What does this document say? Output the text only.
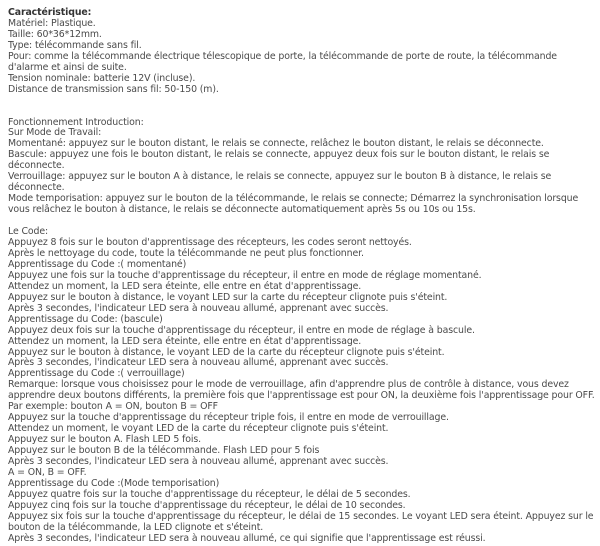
Caractéristique:
Matériel: Plastique.
Taille: 60*36*12mm.
Type: télécommande sans fil.
Pour: comme la télécommande électrique télescopique de porte, la télécommande de porte de route, la télécommande d'alarme et ainsi de suite.
Tension nominale: batterie 12V (incluse).
Distance de transmission sans fil: 50-150 (m).
Fonctionnement Introduction:
Sur Mode de Travail:
Momentané: appuyez sur le bouton distant, le relais se connecte, relâchez le bouton distant, le relais se déconnecte.
Bascule: appuyez une fois le bouton distant, le relais se connecte, appuyez deux fois sur le bouton distant, le relais se déconnecte.
Verrouillage: appuyez sur le bouton A à distance, le relais se connecte, appuyez sur le bouton B à distance, le relais se déconnecte.
Mode temporisation: appuyez sur le bouton de la télécommande, le relais se connecte; Démarrez la synchronisation lorsque vous relâchez le bouton à distance, le relais se déconnecte automatiquement après 5s ou 10s ou 15s.
Le Code:
Appuyez 8 fois sur le bouton d'apprentissage des récepteurs, les codes seront nettoyés.
Après le nettoyage du code, toute la télécommande ne peut plus fonctionner.
Apprentissage du Code :( momentané)
Appuyez une fois sur la touche d'apprentissage du récepteur, il entre en mode de réglage momentané.
Attendez un moment, la LED sera éteinte, elle entre en état d'apprentissage.
Appuyez sur le bouton à distance, le voyant LED sur la carte du récepteur clignote puis s'éteint.
Après 3 secondes, l'indicateur LED sera à nouveau allumé, apprenant avec succès.
Apprentissage du Code: (bascule)
Appuyez deux fois sur la touche d'apprentissage du récepteur, il entre en mode de réglage à bascule.
Attendez un moment, la LED sera éteinte, elle entre en état d'apprentissage.
Appuyez sur le bouton à distance, le voyant LED de la carte du récepteur clignote puis s'éteint.
Après 3 secondes, l'indicateur LED sera à nouveau allumé, apprenant avec succès.
Apprentissage du Code :( verrouillage)
Remarque: lorsque vous choisissez pour le mode de verrouillage, afin d'apprendre plus de contrôle à distance, vous devez apprendre deux boutons différents, la première fois que l'apprentissage est pour ON, la deuxième fois l'apprentissage pour OFF.
Par exemple: bouton A = ON, bouton B = OFF
Appuyez sur la touche d'apprentissage du récepteur triple fois, il entre en mode de verrouillage.
Attendez un moment, le voyant LED de la carte du récepteur clignote puis s'éteint.
Appuyez sur le bouton A. Flash LED 5 fois.
Appuyez sur le bouton B de la télécommande. Flash LED pour 5 fois
Après 3 secondes, l'indicateur LED sera à nouveau allumé, apprenant avec succès.
A = ON, B = OFF.
Apprentissage du Code :(Mode temporisation)
Appuyez quatre fois sur la touche d'apprentissage du récepteur, le délai de 5 secondes.
Appuyez cinq fois sur la touche d'apprentissage du récepteur, le délai de 10 secondes.
Appuyez six fois sur la touche d'apprentissage du récepteur, le délai de 15 secondes. Le voyant LED sera éteint. Appuyez sur le bouton de la télécommande, la LED clignote et s'éteint.
Après 3 secondes, l'indicateur LED sera à nouveau allumé, ce qui signifie que l'apprentissage est réussi.
